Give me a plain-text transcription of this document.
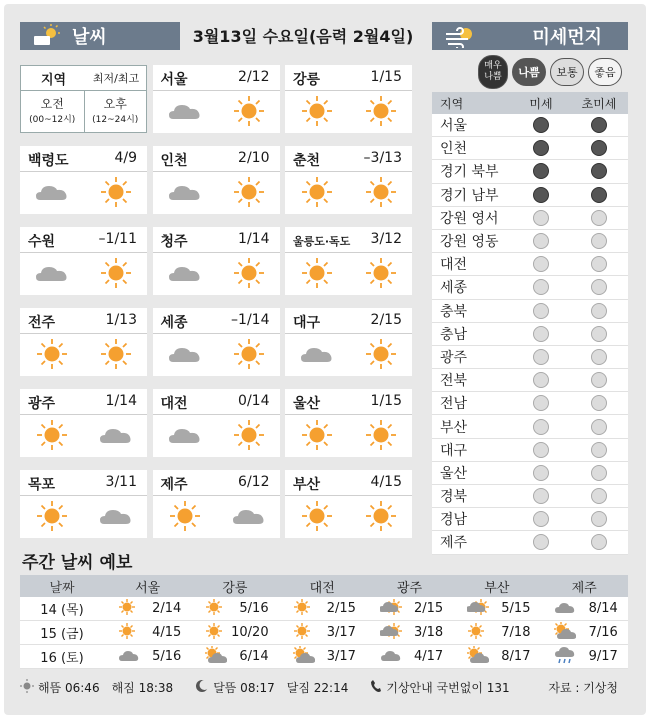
날씨	3월13일 수요일(음력 2월4일)	미세먼지
지역	최저/최고
오전
(00~12시)
오후
(12~24시)
서울	2/12 강릉	1/15
백령도	4/9 인천	2/10 춘천	–3/13
수원	–1/11 청주	1/14 울릉도·독도 3/12
전주	1/13 세종	–1/14 대구	2/15
광주	1/14 대전	0/14 울산	1/15
목포	3/11 제주	6/12 부산	4/15
매우 나쁨	나쁨	보통	좋음
지역	미세	초미세
서울
인천
경기 북부
경기 남부
강원 영서
강원 영동
대전
세종
충북
충남
광주
전북
전남
부산
대구
울산
경북
경남
제주
주간 날씨 예보
날짜	서울	강릉	대전	광주	부산	제주
14 (목)	2/14	5/16	2/15	2/15	5/15	8/14
15 (금)	4/15	10/20	3/17	3/18	7/18	7/16
16 (토)	5/16	6/14	3/17	4/17	8/17	9/17
해뜸 06:46 해짐 18:38	달뜸 08:17 달짐 22:14	기상안내 국번없이 131	자료 : 기상청
